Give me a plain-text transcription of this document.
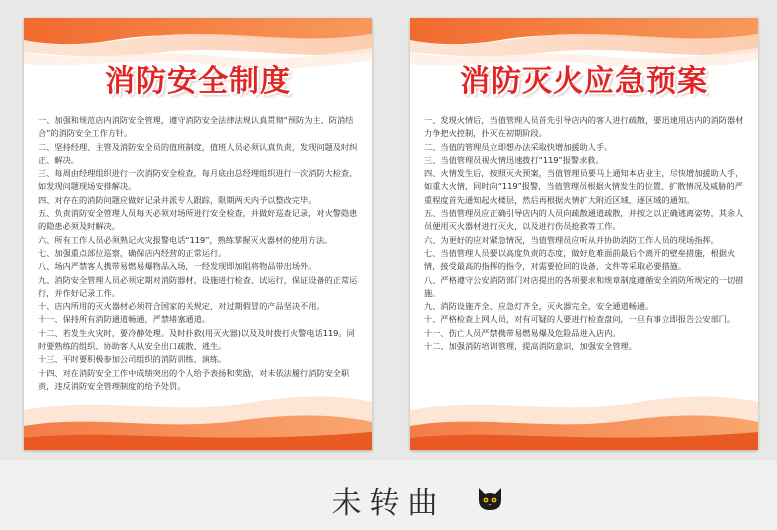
消防安全制度
一、加强和规范店内消防安全管理，遵守消防安全法律法规认真贯彻“预防为主、防消结合”的消防安全工作方针。
二、坚持经理、主管及消防安全员的值班制度，值班人员必须认真负责，发现问题及时纠正、解决。
三、每周由经理组织进行一次消防安全检查，每月底由总经理组织进行一次消防大检查，如发现问题现场安排解决。
四、对存在的消防问题应做好记录并派专人跟踪，限期两天内予以整改完毕。
五、负责消防安全管理人员每天必须对场所进行安全检查，并做好巡查记录，对火警隐患的隐患必须及时解决。
六、所有工作人员必须熟记火灾报警电话“119”，熟练掌握灭火器材的使用方法。
七、加强重点部位巡察，确保店内经营的正常运行。
八、场内严禁客人携带易燃易爆物品入场，一经发现即加阻将物品带出场外。
九、消防安全管理人员必须定期对消防器材，设施进行检查、试运行，保证设备的正常运行，并作好记录工作。
十、店内所用的灭火器材必须符合国家的关规定，对过期假冒的产品坚决不用。
十一、保持所有消防通道畅通，严禁堵塞通道。
十二、若发生火灾时，要冷静处理。及时扑救(用灭火器)以及及时拨打火警电话119。同时要熟练的组织、协助客人从安全出口疏散、逃生。
十三、平时要积极参加公司组织的消防训练、演练。
十四、对在消防安全工作中成绩突出的个人给予表扬和奖励，对未依法履行消防安全职责，违反消防安全管理制度的给予处罚。
消防灭火应急预案
一、发现火情后，当值管理人员首先引导店内的客人进行疏散，要迅速用店内的消防器材力争把火控制，扑灭在初期阶段。
二、当值的管理员立即想办法采取快增加援助人手。
三、当值管理员视火情迅速拨打“119”报警求救。
四、火情发生后，按照灭火预案，当值管理员要马上通知本店业主，尽快增加援助人手，如重大火情，同时向“119”报警，当值管理员根据火情发生的位置、扩散情况及威胁的严重程度首先通知起火楼层，然后再根据火情扩大附近区域，逐区域的通知。
五、当值管理员应正确引导店内的人员向疏散通道疏散，并按之以正确逃离姿势，其余人员便用灭火器材进行灭火，以及进行伤员抢救等工作。
六、为更好的应对紧急情况，当值管理员应听从并协助消防工作人员的现场指挥。
七、当值管理人员要以高度负责的态度，做好危难面前最后个离开的壁垒措施，根据火情，接受最高的指挥的指令，对需要抢回的设备，文件等采取必要措施。
八、严格遵守公安消防部门对店提出的各项要求和规章制度遵循安全消防所规定的一切措施。
九、消防设施齐全、应急灯齐全，灭火器完全，安全通道畅通。
十、严格检查上网人员，对有可疑的人要进行检查盘问，一旦有事立即报告公安部门。
十一、伤亡人员严禁携带易燃易爆及危险品进入店内。
十二、加强消防培训管理，提高消防意识，加强安全管理。
未转曲
